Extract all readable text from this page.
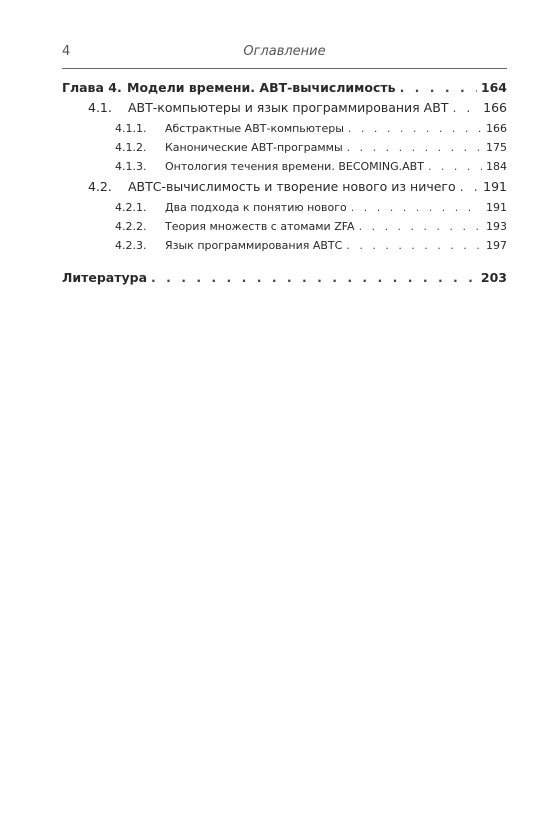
4	Оглавление
Глава 4. Модели времени. АВТ-вычислимость . . .	164
4.1.	АВТ-компьютеры и язык программирования АВТ . . .	166
4.1.1.	Абстрактные АВТ-компьютеры . . .	166
4.1.2.	Канонические АВТ-программы . . .	175
4.1.3.	Онтология течения времени. BECOMING.ABT . . .	184
4.2.	АВТС-вычислимость и творение нового из ничего . . . 191
4.2.1.	Два подхода к понятию нового . . .	191
4.2.2.	Теория множеств с атомами ZFA . . .	193
4.2.3.	Язык программирования АВТС . . .	197
Литература . . .	203
